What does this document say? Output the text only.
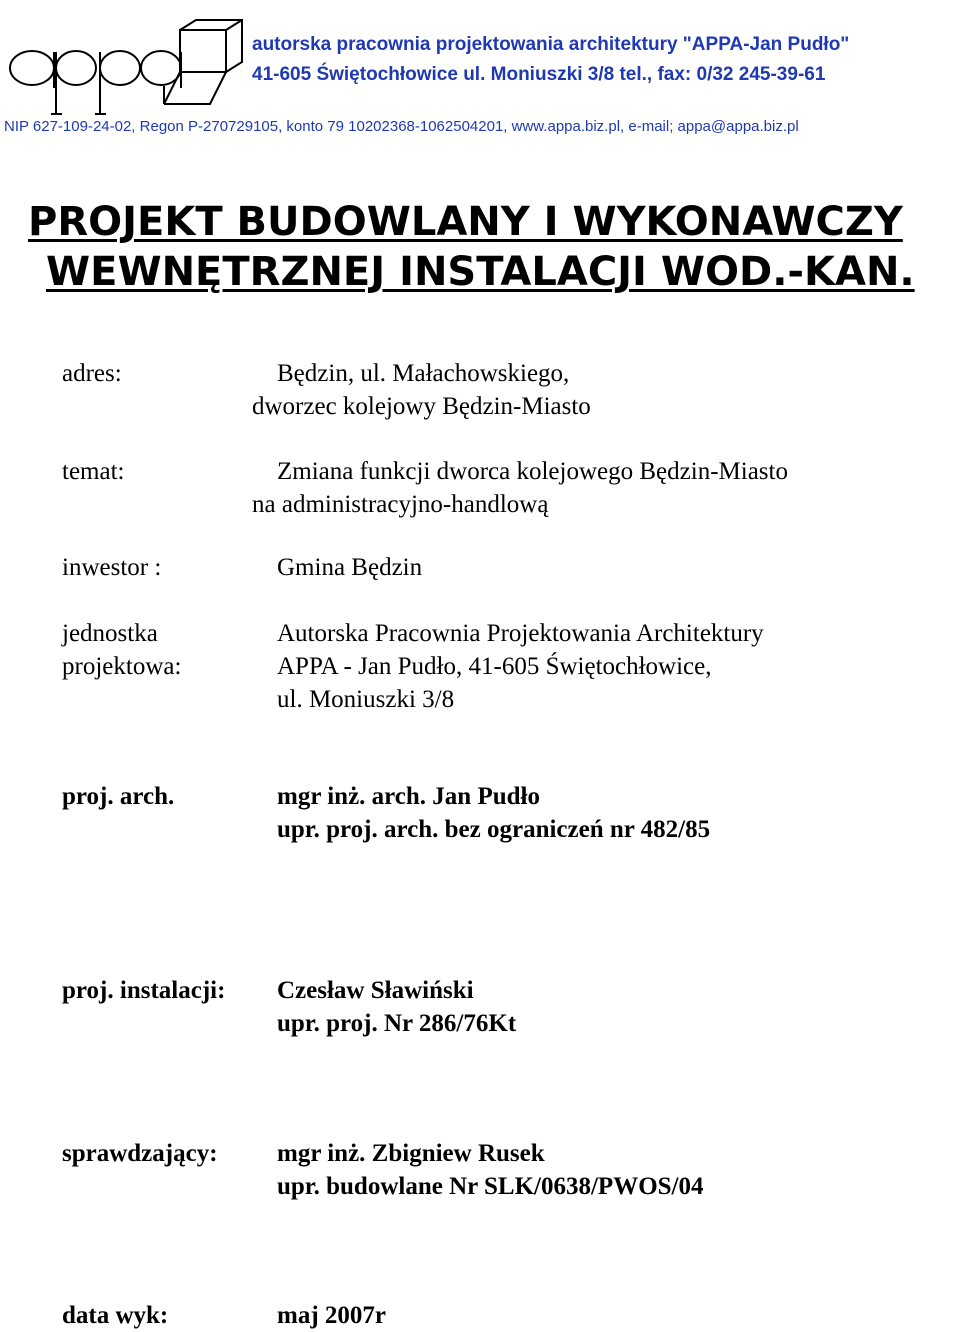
autorska pracownia projektowania architektury "APPA-Jan Pudło"
41-605 Świętochłowice ul. Moniuszki 3/8 tel., fax: 0/32 245-39-61
NIP 627-109-24-02, Regon P-270729105, konto 79 10202368-1062504201, www.appa.biz.pl, e-mail; appa@appa.biz.pl
PROJEKT BUDOWLANY I WYKONAWCZY
WEWNĘTRZNEJ INSTALACJI WOD.-KAN.
adres:	Będzin, ul. Małachowskiego,
dworzec kolejowy Będzin-Miasto
temat:	Zmiana funkcji dworca kolejowego Będzin-Miasto
na administracyjno-handlową
inwestor :	Gmina Będzin
jednostka
projektowa:
Autorska Pracownia Projektowania Architektury
APPA - Jan Pudło, 41-605 Świętochłowice,
ul. Moniuszki 3/8
proj. arch.	mgr inż. arch. Jan Pudło
upr. proj. arch. bez ograniczeń nr 482/85
proj. instalacji: Czesław Sławiński
upr. proj. Nr 286/76Kt
sprawdzający: mgr inż. Zbigniew Rusek
upr. budowlane Nr SLK/0638/PWOS/04
data wyk:	maj 2007r
